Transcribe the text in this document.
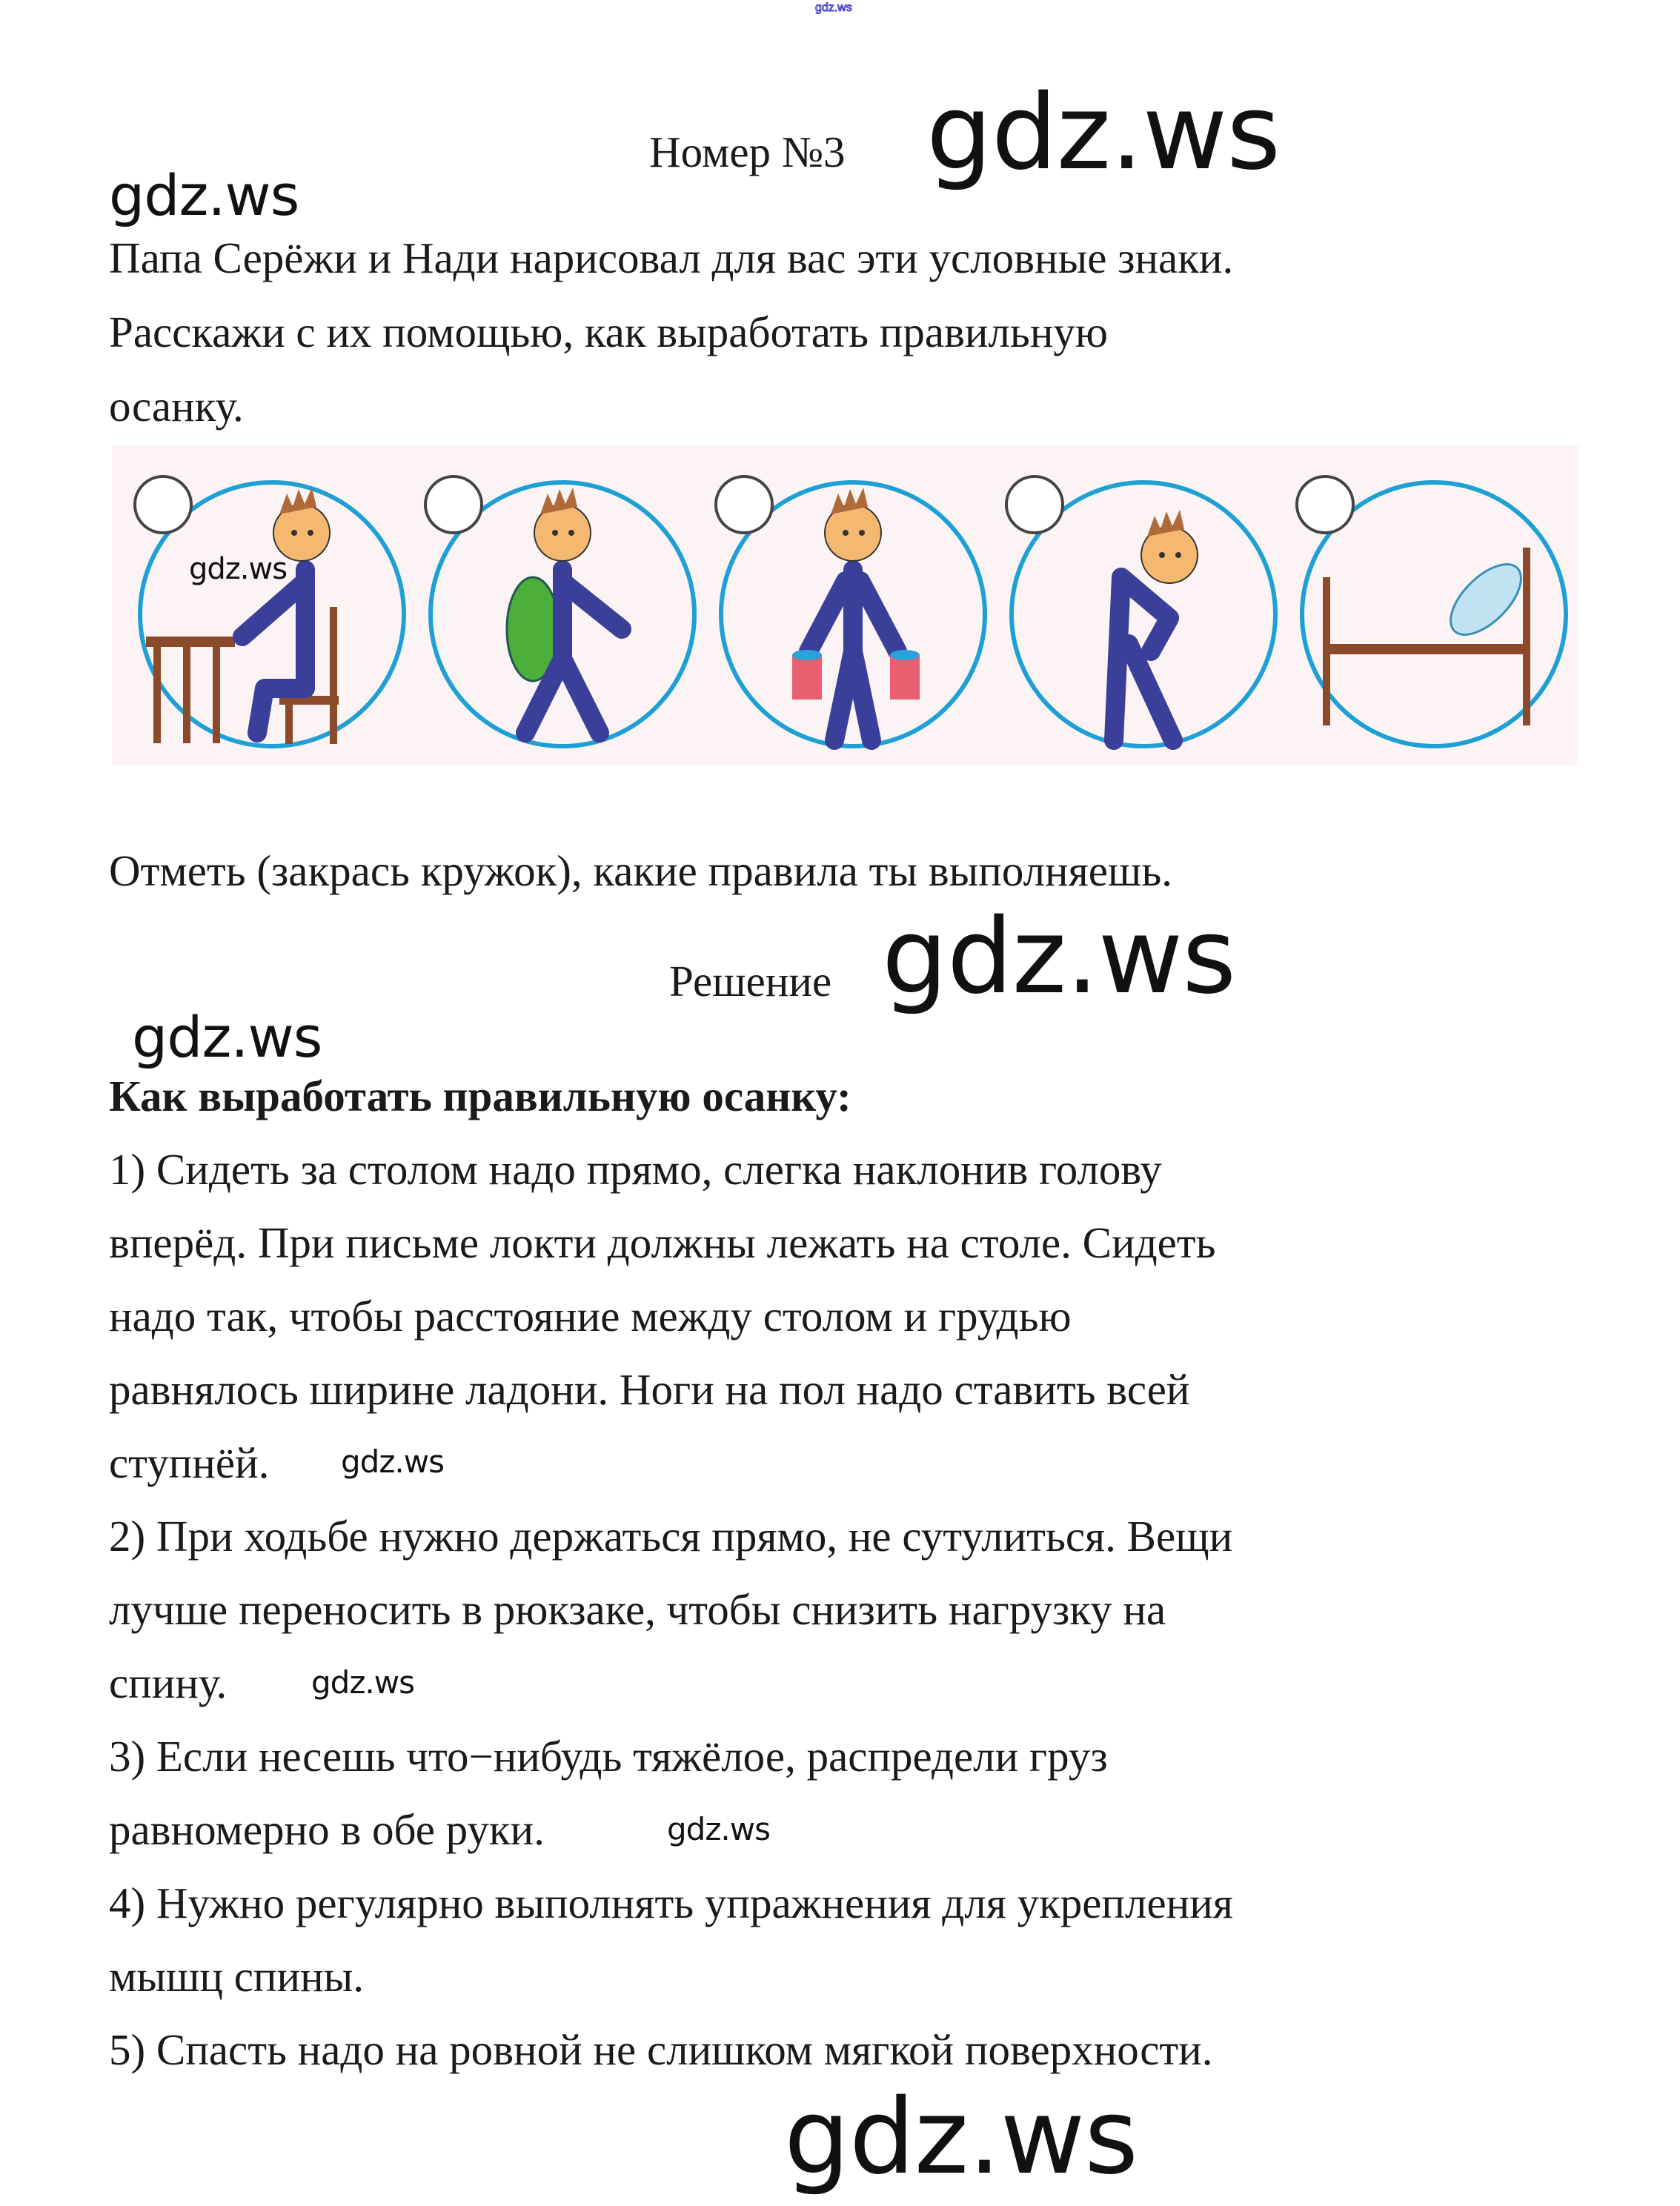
gdz.ws
Номер №3
Папа Серёжи и Нади нарисовал для вас эти условные знаки.
Расскажи с их помощью, как выработать правильную
осанку.
Отметь (закрась кружок), какие правила ты выполняешь.
Решение
Как выработать правильную осанку:
1) Сидеть за столом надо прямо, слегка наклонив голову
вперёд. При письме локти должны лежать на столе. Сидеть
надо так, чтобы расстояние между столом и грудью
равнялось ширине ладони. Ноги на пол надо ставить всей
ступнёй.
2) При ходьбе нужно держаться прямо, не сутулиться. Вещи
лучше переносить в рюкзаке, чтобы снизить нагрузку на
спину.
3) Если несешь что−нибудь тяжёлое, распредели груз
равномерно в обе руки.
4) Нужно регулярно выполнять упражнения для укрепления
мышц спины.
5) Спасть надо на ровной не слишком мягкой поверхности.
gdz.ws
gdz.ws
gdz.ws
gdz.ws
gdz.ws
gdz.ws
gdz.ws
gdz.ws
gdz.ws
